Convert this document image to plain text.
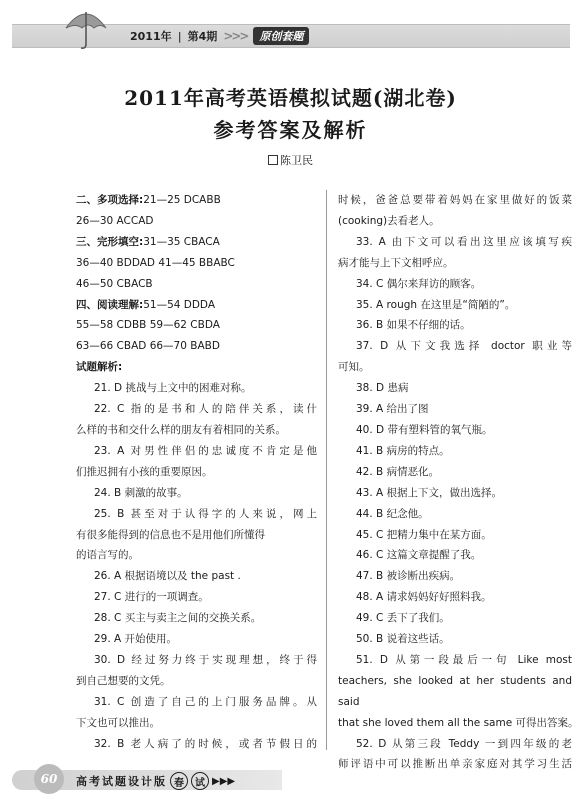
2011年 | 第4期 >>>	原创套题
2011年高考英语模拟试题(湖北卷)
参考答案及解析
陈卫民
二、多项选择:21—25 DCABB
26—30 ACCAD
三、完形填空:31—35 CBACA
36—40 BDDAD 41—45 BBABC
46—50 CBACB
四、阅读理解:51—54 DDDA
55—58 CDBB 59—62 CBDA
63—66 CBAD 66—70 BABD
试题解析:
21. D 挑战与上文中的困难对称。
22. C 指的是书和人的陪伴关系，读什
么样的书和交什么样的朋友有着相同的关系。
23. A 对男性伴侣的忠诚度不肯定是他
们推迟拥有小孩的重要原因。
24. B 刺激的故事。
25. B 甚至对于认得字的人来说，网上
有很多能得到的信息也不是用他们所懂得
的语言写的。
26. A 根据语境以及 the past .
27. C 进行的一项调查。
28. C 买主与卖主之间的交换关系。
29. A 开始使用。
30. D 经过努力终于实现理想，终于得
到自己想要的文凭。
31. C 创造了自己的上门服务品牌。从
下文也可以推出。
32. B 老人病了的时候，或者节假日的
时候，爸爸总要带着妈妈在家里做好的饭菜
(cooking)去看老人。
33. A 由下文可以看出这里应该填写疾
病才能与上下文相呼应。
34. C 偶尔来拜访的顾客。
35. A rough 在这里是“简陋的”。
36. B 如果不仔细的话。
37. D 从下文我选择 doctor 职业等
可知。
38. D 患病
39. A 给出了图
40. D 带有塑料管的氧气瓶。
41. B 病房的特点。
42. B 病情恶化。
43. A 根据上下文，做出选择。
44. B 纪念他。
45. C 把精力集中在某方面。
46. C 这篇文章提醒了我。
47. B 被诊断出疾病。
48. A 请求妈妈好好照料我。
49. C 丢下了我们。
50. B 说着这些话。
51. D 从第一段最后一句 Like most
teachers, she looked at her students and said
that she loved them all the same 可得出答案。
52. D 从第三段 Teddy 一到四年级的老
师评语中可以推断出单亲家庭对其学习生活
60	高考试题设计版 春	试 ▶▶▶
